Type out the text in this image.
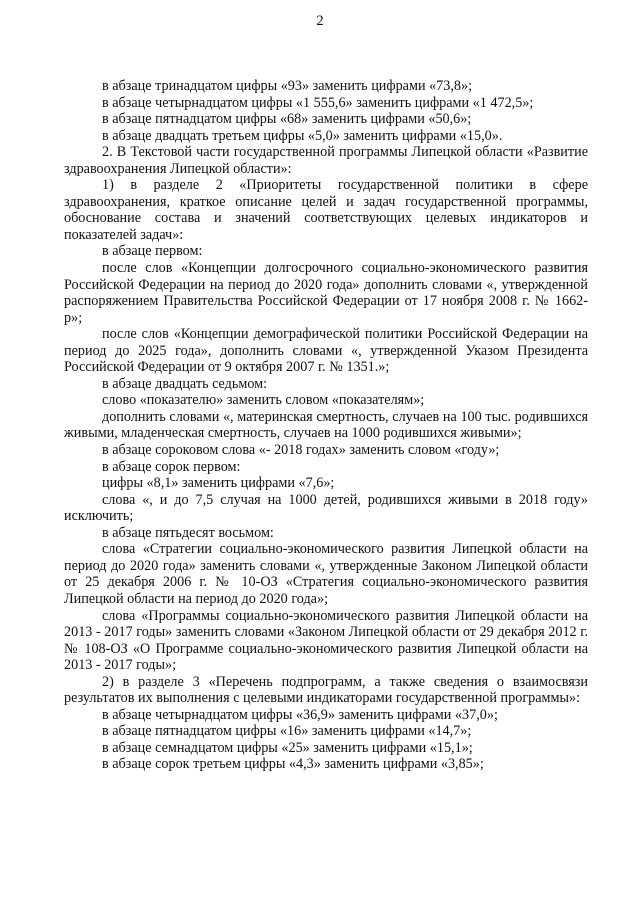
2

в абзаце тринадцатом цифры «93» заменить цифрами «73,8»;

в абзаце четырнадцатом цифры «1 555,6» заменить цифрами «1 472,5»;

в абзаце пятнадцатом цифры «68» заменить цифрами «50,6»;

в абзаце двадцать третьем цифры «5,0» заменить цифрами «15,0».

2. В Текстовой части государственной программы Липецкой области «Развитие здравоохранения Липецкой области»:

1) в разделе 2 «Приоритеты государственной политики в сфере здравоохранения, краткое описание целей и задач государственной программы, обоснование состава и значений соответствующих целевых индикаторов и показателей задач»:

в абзаце первом:

после слов «Концепции долгосрочного социально-экономического развития Российской Федерации на период до 2020 года» дополнить словами «, утвержденной распоряжением Правительства Российской Федерации от 17 ноября 2008 г. № 1662-р»;

после слов «Концепции демографической политики Российской Федерации на период до 2025 года», дополнить словами «, утвержденной Указом Президента Российской Федерации от 9 октября 2007 г. № 1351.»;

в абзаце двадцать седьмом:

слово «показателю» заменить словом «показателям»;

дополнить словами «, материнская смертность, случаев на 100 тыс. родившихся живыми, младенческая смертность, случаев на 1000 родившихся живыми»;

в абзаце сороковом слова «- 2018 годах» заменить словом «году»;

в абзаце сорок первом:

цифры «8,1» заменить цифрами «7,6»;

слова «, и до 7,5 случая на 1000 детей, родившихся живыми в 2018 году» исключить;

в абзаце пятьдесят восьмом:

слова «Стратегии социально-экономического развития Липецкой области на период до 2020 года» заменить словами «, утвержденные Законом Липецкой области от 25 декабря 2006 г. № 10-ОЗ «Стратегия социально-экономического развития Липецкой области на период до 2020 года»;

слова «Программы социально-экономического развития Липецкой области на 2013 - 2017 годы» заменить словами «Законом Липецкой области от 29 декабря 2012 г. № 108-ОЗ «О Программе социально-экономического развития Липецкой области на 2013 - 2017 годы»;

2) в разделе 3 «Перечень подпрограмм, а также сведения о взаимосвязи результатов их выполнения с целевыми индикаторами государственной программы»:

в абзаце четырнадцатом цифры «36,9» заменить цифрами «37,0»;

в абзаце пятнадцатом цифры «16» заменить цифрами «14,7»;

в абзаце семнадцатом цифры «25» заменить цифрами «15,1»;

в абзаце сорок третьем цифры «4,3» заменить цифрами «3,85»;
